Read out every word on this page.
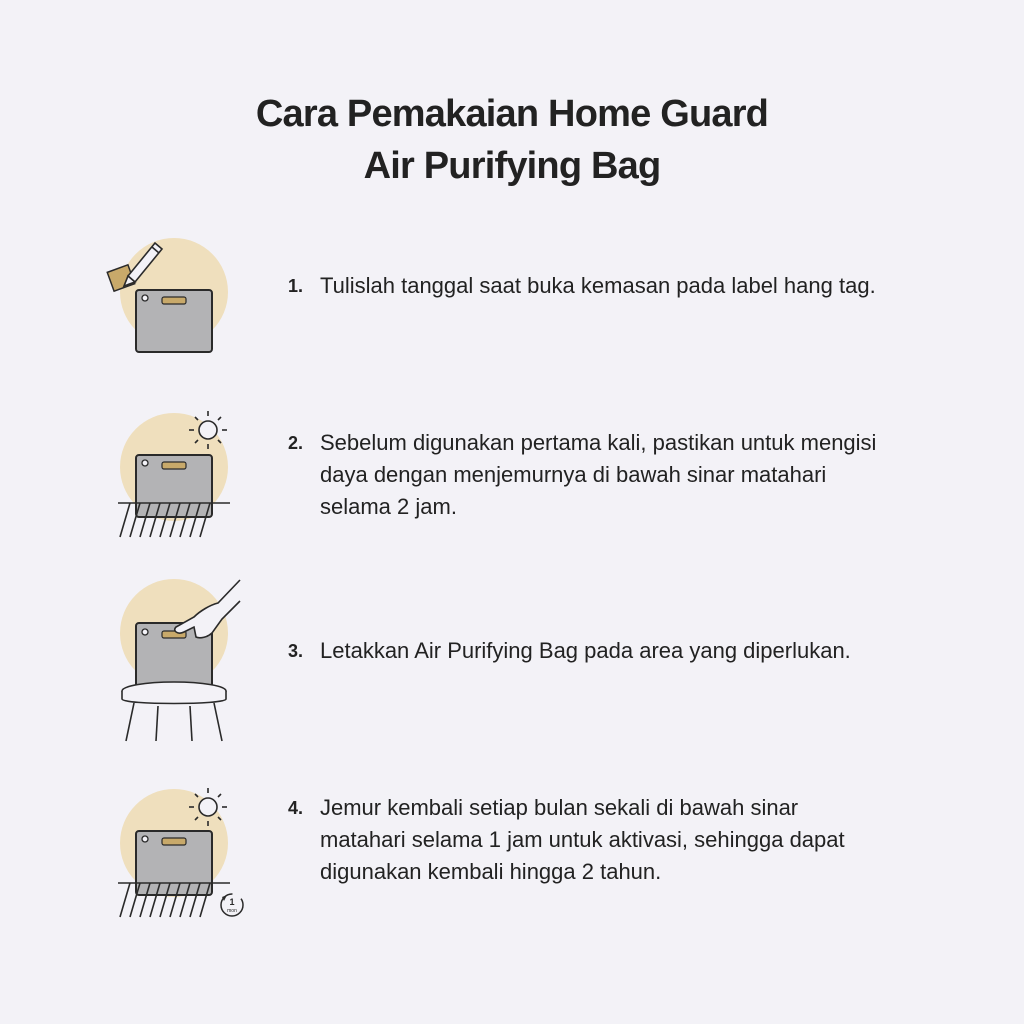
Cara Pemakaian Home Guard
Air Purifying Bag
1. Tulislah tanggal saat buka kemasan pada label hang tag.
2. Sebelum digunakan pertama kali, pastikan untuk mengisi daya dengan menjemurnya di bawah sinar matahari selama 2 jam.
3. Letakkan Air Purifying Bag pada area yang diperlukan.
1
mon
4. Jemur kembali setiap bulan sekali di bawah sinar matahari selama 1 jam untuk aktivasi, sehingga dapat digunakan kembali hingga 2 tahun.
